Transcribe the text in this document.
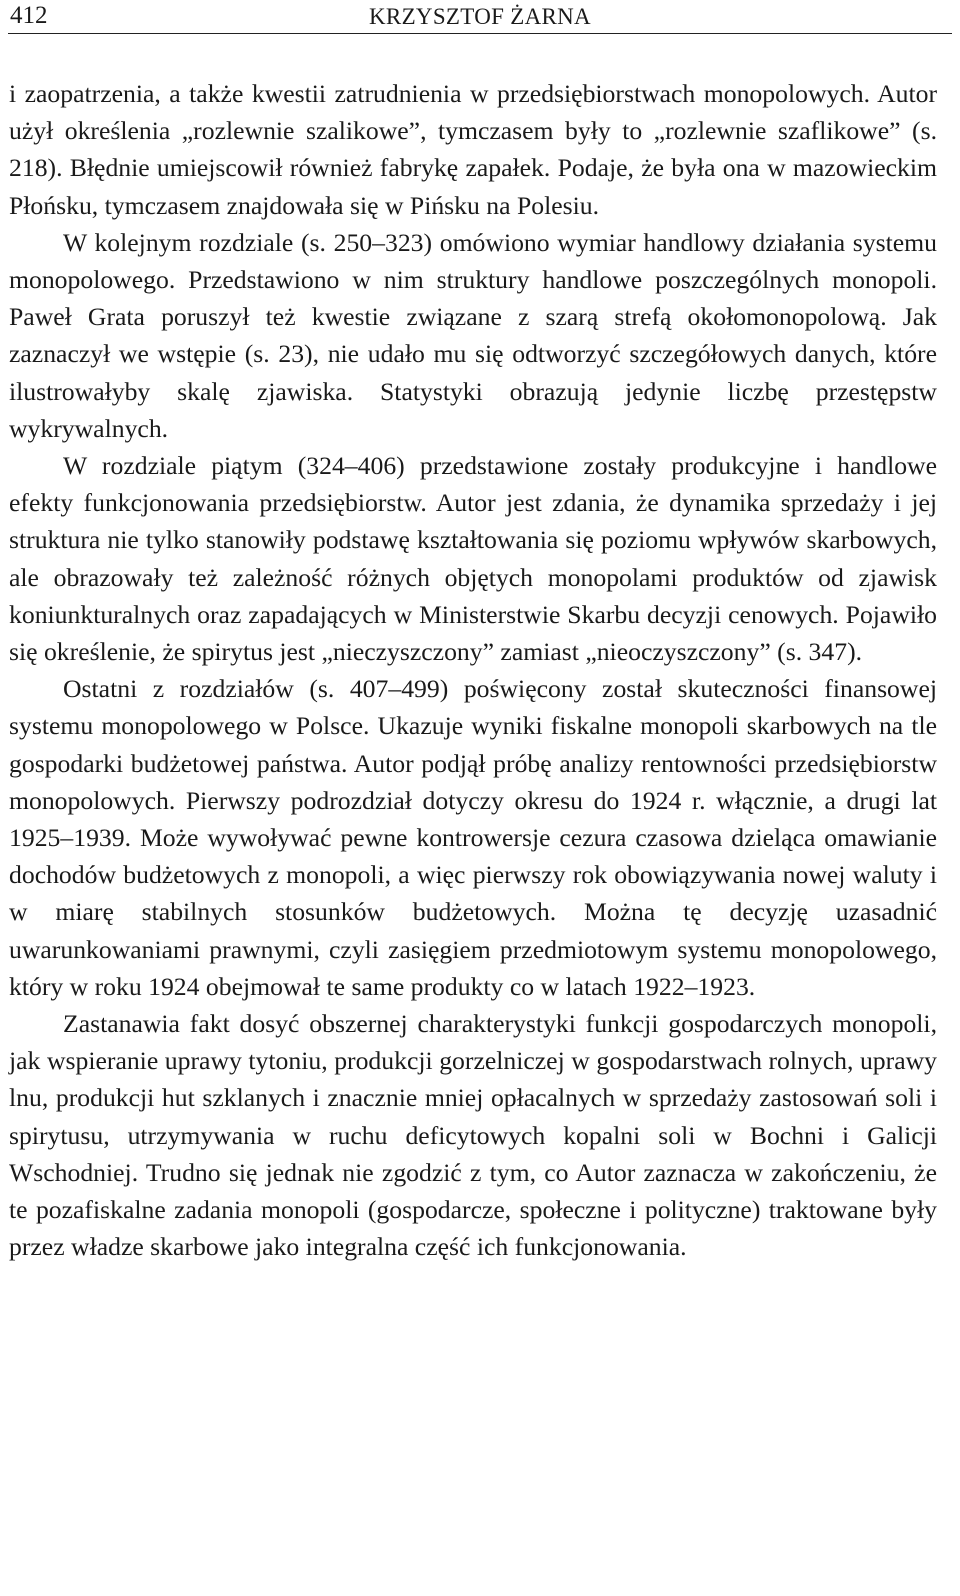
412	KRZYSZTOF ŻARNA

i zaopatrzenia, a także kwestii zatrudnienia w przedsiębiorstwach monopolowych. Autor użył określenia „rozlewnie szalikowe”, tymczasem były to „rozlewnie szaflikowe” (s. 218). Błędnie umiejscowił również fabrykę zapałek. Podaje, że była ona w mazowieckim Płońsku, tymczasem znajdowała się w Pińsku na Polesiu.

W kolejnym rozdziale (s. 250–323) omówiono wymiar handlowy działania systemu monopolowego. Przedstawiono w nim struktury handlowe poszczególnych monopoli. Paweł Grata poruszył też kwestie związane z szarą strefą okołomonopolową. Jak zaznaczył we wstępie (s. 23), nie udało mu się odtworzyć szczegółowych danych, które ilustrowałyby skalę zjawiska. Statystyki obrazują jedynie liczbę przestępstw wykrywalnych.

W rozdziale piątym (324–406) przedstawione zostały produkcyjne i handlowe efekty funkcjonowania przedsiębiorstw. Autor jest zdania, że dynamika sprzedaży i jej struktura nie tylko stanowiły podstawę kształtowania się poziomu wpływów skarbowych, ale obrazowały też zależność różnych objętych monopolami produktów od zjawisk koniunkturalnych oraz zapadających w Ministerstwie Skarbu decyzji cenowych. Pojawiło się określenie, że spirytus jest „nieczyszczony” zamiast „nieoczyszczony” (s. 347).

Ostatni z rozdziałów (s. 407–499) poświęcony został skuteczności finansowej systemu monopolowego w Polsce. Ukazuje wyniki fiskalne monopoli skarbowych na tle gospodarki budżetowej państwa. Autor podjął próbę analizy rentowności przedsiębiorstw monopolowych. Pierwszy podrozdział dotyczy okresu do 1924 r. włącznie, a drugi lat 1925–1939. Może wywoływać pewne kontrowersje cezura czasowa dzieląca omawianie dochodów budżetowych z monopoli, a więc pierwszy rok obowiązywania nowej waluty i w miarę stabilnych stosunków budżetowych. Można tę decyzję uzasadnić uwarunkowaniami prawnymi, czyli zasięgiem przedmiotowym systemu monopolowego, który w roku 1924 obejmował te same produkty co w latach 1922–1923.

Zastanawia fakt dosyć obszernej charakterystyki funkcji gospodarczych monopoli, jak wspieranie uprawy tytoniu, produkcji gorzelniczej w gospodarstwach rolnych, uprawy lnu, produkcji hut szklanych i znacznie mniej opłacalnych w sprzedaży zastosowań soli i spirytusu, utrzymywania w ruchu deficytowych kopalni soli w Bochni i Galicji Wschodniej. Trudno się jednak nie zgodzić z tym, co Autor zaznacza w zakończeniu, że te pozafiskalne zadania monopoli (gospodarcze, społeczne i polityczne) traktowane były przez władze skarbowe jako integralna część ich funkcjonowania.
